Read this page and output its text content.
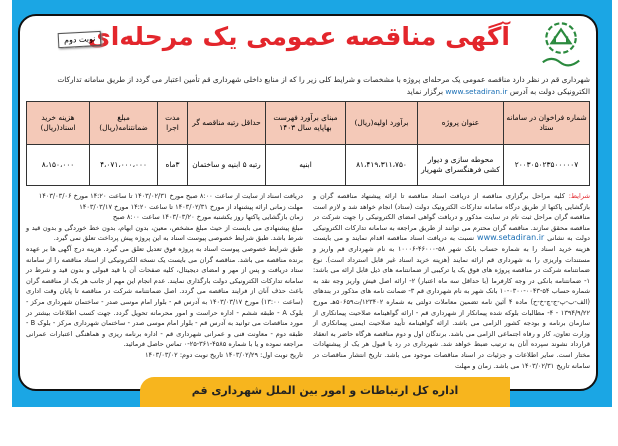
آگهی مناقصه عمومی یک مرحله‌ای
نوبت دوم
شهرداری قم در نظر دارد مناقصه عمومی یک مرحله‌ای پروژه با مشخصات و شرایط کلی زیر را که از منابع داخلی شهرداری قم تأمین اعتبار می گردد از طریق سامانه تدارکات الکترونیکی دولت به آدرس www.setadiran.ir برگزار نماید
شماره فراخوان در سامانه ستاد	عنوان پروژه	برآورد اولیه(ریال)	مبنای برآورد فهرست بهاپایه سال ۱۴۰۳	حداقل رتبه مناقصه گر	مدت اجرا	مبلغ ضمانتنامه(ریال)	هزینه خرید اسناد(ریال)
۲۰۰۳۰۵۰۲۳۵۰۰۰۰۰۷	محوطه سازی و دیوار کشی فرهنگسرای شهریار	۸۱،۴۱۹،۳۱۱،۷۵۰	ابنیه	رتبه ۵ ابنیه و ساختمان	۳ماه	۴،۰۷۱،۰۰۰،۰۰۰	۸،۱۵۰،۰۰۰
شرایط: کلیه مراحل برگزاری مناقصه از دریافت اسناد مناقصه تا ارائه پیشنهاد مناقصه گران و بازگشایی پاکتها از طریق درگاه سامانه تدارکات الکترونیک دولت (ستاد) انجام خواهد شد و لازم است مناقصه گران مراحل ثبت نام در سایت مذکور و دریافت گواهی امضای الکترونیکی را جهت شرکت در مناقصه محقق سازند. مناقصه گران محترم می توانند از طریق مراجعه به سامانه تدارکات الکترونیکی دولت به نشانی www.setadiran.ir نسبت به دریافت اسناد مناقصه اقدام نمایند و می بایست هزینه خرید اسناد را به شماره حساب بانک شهر ۵۸-۴۶۰۰۰-۱۰۰۰۶ به نام شهرداری قم واریز و مستندات واریزی را به شهرداری قم ارائه نمایند (هزینه خرید اسناد غیر قابل استرداد است). نوع ضمانتنامه شرکت در مناقصه پروژه های فوق یک یا ترکیبی از ضمانتنامه های ذیل قابل ارائه می باشد: ۱- ضمانتنامه بانکی در وجه کارفرما (با حداقل سه ماه اعتبار) ۲- ارائه اصل فیش واریز وجه نقد به شماره حساب ۵۴-۰۰۴۳-۰۳۰۰-۱۰ بانک شهر به نام شهرداری قم ۳- ضمانت نامه های مذکور در بندهای (الف-ب-پ-ج-چ-خ-ح) ماده ۴ آئین نامه تضمین معاملات دولتی به شماره ۱۲۳۴۰۲/ت۵۰۶۵۹هـ مورخ ۱۳۹۴/۹/۲۲ - ۴- مطالبات بلوکه شده پیمانکار از شهرداری قم - ارائه گواهینامه صلاحیت پیمانکاری از سازمان برنامه و بودجه کشور الزامی می باشد. ارائه گواهینامه تأیید صلاحیت ایمنی پیمانکاری از وزارت تعاون، کار و رفاه اجتماعی الزامی می باشد. برندگان اول و دوم مناقصه هرگاه حاضر به انعقاد قرارداد نشوند سپرده آنان به ترتیب ضبط خواهد شد. شهرداری در رد یا قبول هر یک از پیشنهادات مختار است. سایر اطلاعات و جزئیات در اسناد مناقصات موجود می باشد. تاریخ انتشار مناقصات در سامانه تاریخ ۱۴۰۳/۰۲/۳۱ می باشد. زمان و مهلت
دریافت اسناد از سایت از ساعت ۸:۰۰ صبح مورخ ۱۴۰۳/۰۲/۳۱ تا ساعت ۱۴:۲۰ مورخ ۱۴۰۳/۰۳/۰۶
مهلت زمانی ارائه پیشنهاد از مورخ ۱۴۰۳/۰۲/۳۱ تا ساعت ۱۴:۲۰ مورخ ۱۴۰۳/۰۳/۱۷
زمان بازگشایی پاکتها روز یکشنبه مورخ ۱۴۰۳/۰۳/۲۰ ساعت ۸:۰۰ صبح
مبلغ پیشنهادی می بایست از حیث مبلغ مشخص، معین، بدون ابهام، بدون خط خوردگی و بدون قید و شرط باشد. طبق شرایط خصوصی پیوست اسناد به این پروژه پیش پرداخت تعلق نمی گیرد.
طبق شرایط خصوصی پیوست اسناد به پروژه فوق تعدیل تعلق می گیرد. هزینه درج آگهی ها بر عهده برنده مناقصه می باشد. مناقصه گران می بایست یک نسخه الکترونیکی از اسناد مناقصه را از سامانه ستاد دریافت و پس از مهر و امضای دیجیتال، کلیه صفحات آن با قید قبولی و بدون قید و شرط در سامانه تدارکات الکترونیکی دولت بارگذاری نمایند. عدم انجام این مهم از جانب هر یک از مناقصه گران باعث حذف آنان از فرایند مناقصه می گردد. اصل ضمانتنامه شرکت در مناقصه تا پایان وقت اداری (ساعت ۱۳:۰۰) مورخ ۱۴۰۳/۰۳/۱۷ به آدرس قم - بلوار امام موسی صدر - ساختمان شهرداری مرکز - بلوک A - طبقه ششم - اداره حراست و امور محرمانه تحویل گردد. جهت کسب اطلاعات بیشتر در مورد مناقصات می توانید به آدرس قم - بلوار امام موسی صدر - ساختمان شهرداری مرکز - بلوک B - طبقه دوم - معاونت فنی و عمرانی شهرداری قم - اداره برنامه ریزی و هماهنگی اعتبارات عمرانی مراجعه نموده و یا با شماره ۴۵۸۵-۳۶۱-۲۵-۰ تماس حاصل فرمائید.
تاریخ نوبت اول: ۱۴۰۳/۰۲/۲۹ تاریخ نوبت دوم: ۱۴۰۳/۰۳/۰۲
اداره کل ارتباطات و امور بین الملل شهرداری قم
